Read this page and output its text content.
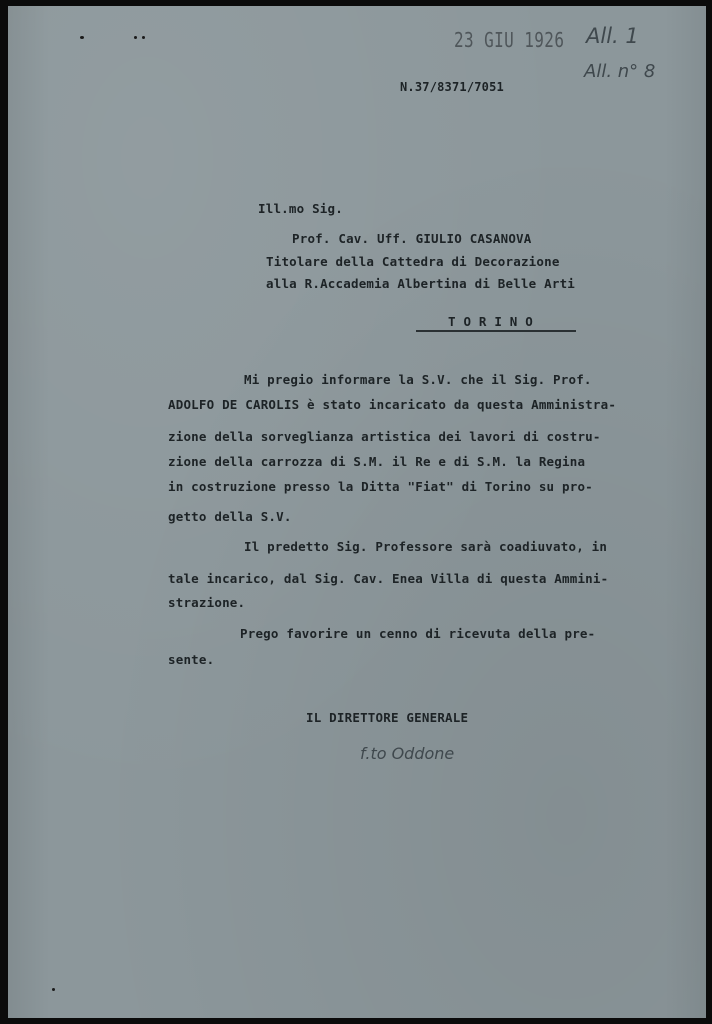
23 GIU 1926 All. 1
All. n° 8
N.37/8371/7051
Ill.mo Sig.
Prof. Cav. Uff. GIULIO CASANOVA
Titolare della Cattedra di Decorazione
alla R.Accademia Albertina di Belle Arti
T O R I N O
Mi pregio informare la S.V. che il Sig. Prof.
ADOLFO DE CAROLIS è stato incaricato da questa Amministra-
zione della sorveglianza artistica dei lavori di costru-
zione della carrozza di S.M. il Re e di S.M. la Regina
in costruzione presso la Ditta "Fiat" di Torino su pro-
getto della S.V.
Il predetto Sig. Professore sarà coadiuvato, in
tale incarico, dal Sig. Cav. Enea Villa di questa Ammini-
strazione.
Prego favorire un cenno di ricevuta della pre-
sente.
IL DIRETTORE GENERALE
f.to Oddone
